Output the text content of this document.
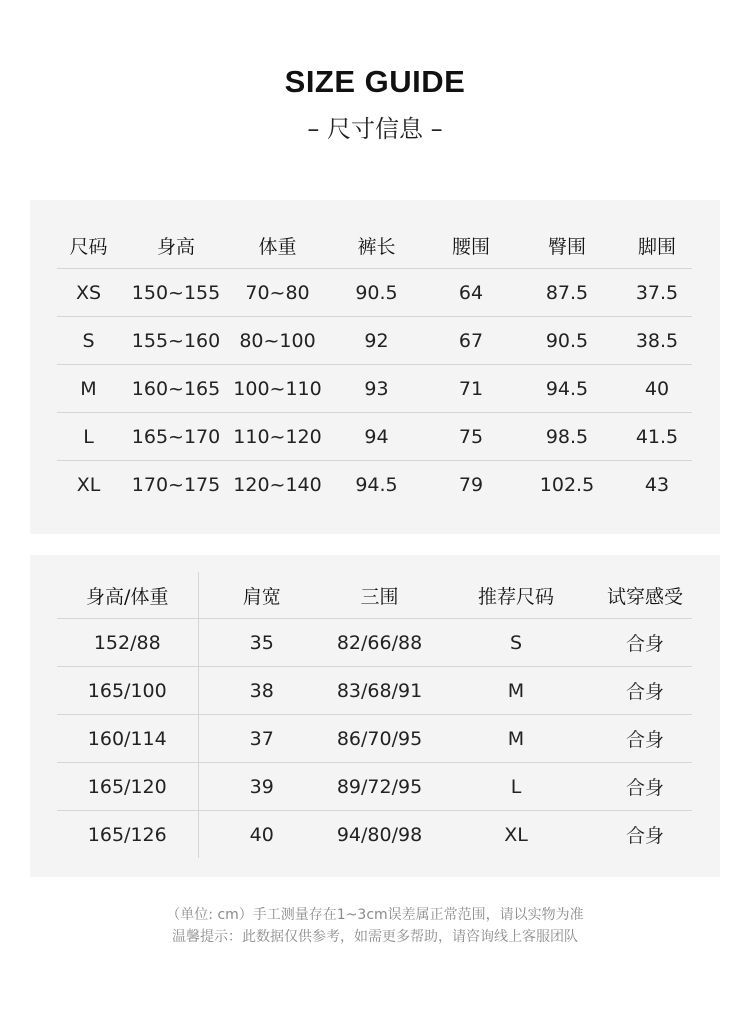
SIZE GUIDE
– 尺寸信息 –
尺码	身高	体重	裤长	腰围	臀围	脚围
XS	150~155	70~80	90.5	64	87.5	37.5
S	155~160	80~100	92	67	90.5	38.5
M	160~165	100~110	93	71	94.5	40
L	165~170	110~120	94	75	98.5	41.5
XL	170~175	120~140	94.5	79	102.5	43
身高/体重	肩宽	三围	推荐尺码	试穿感受
152/88	35	82/66/88	S	合身
165/100	38	83/68/91	M	合身
160/114	37	86/70/95	M	合身
165/120	39	89/72/95	L	合身
165/126	40	94/80/98	XL	合身
（单位: cm）手工测量存在1~3cm误差属正常范围，请以实物为准
温馨提示：此数据仅供参考，如需更多帮助，请咨询线上客服团队
